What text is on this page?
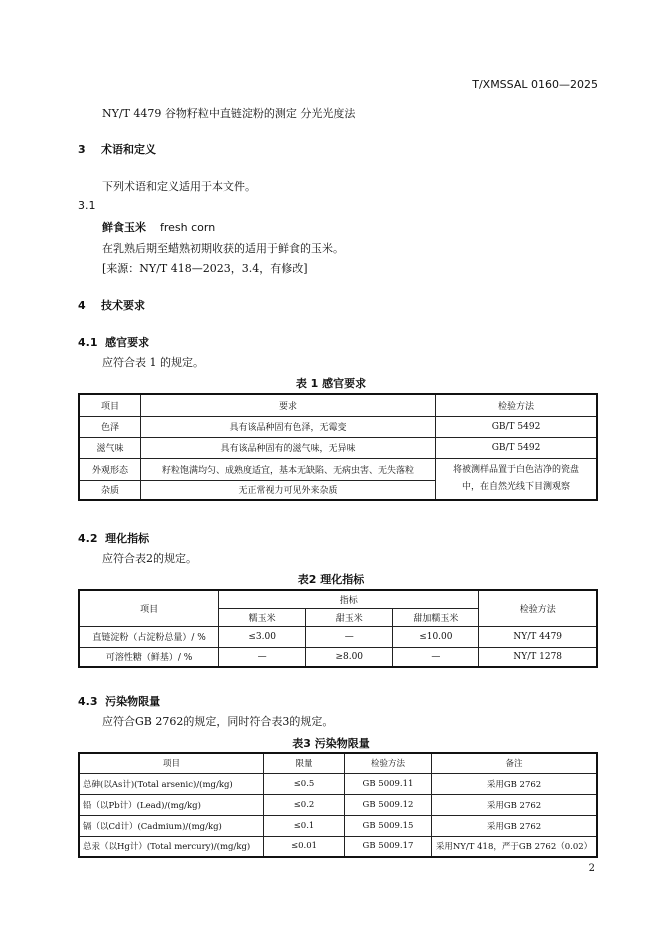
T/XMSSAL 0160—2025
NY/T 4479 谷物籽粒中直链淀粉的测定 分光光度法
3 术语和定义
下列术语和定义适用于本文件。
3.1
鲜食玉米 fresh corn
在乳熟后期至蜡熟初期收获的适用于鲜食的玉米。
[来源：NY/T 418—2023，3.4，有修改]
4 技术要求
4.1 感官要求
应符合表 1 的规定。
表 1 感官要求
项目	要求	检验方法
色泽	具有该品种固有色泽，无霉变	GB/T 5492
滋气味	具有该品种固有的滋气味，无异味	GB/T 5492
外观形态	籽粒饱满均匀、成熟度适宜，基本无缺陷、无病虫害、无失落粒	将被测样品置于白色洁净的瓷盘中，在自然光线下目测观察
杂质	无正常视力可见外来杂质	
4.2 理化指标
应符合表2的规定。
表2 理化指标
项目	指标			检验方法
	糯玉米	甜玉米	甜加糯玉米	
直链淀粉（占淀粉总量）/ %	≤3.00	—	≤10.00	NY/T 4479
可溶性糖（鲜基）/ %	—	≥8.00	—	NY/T 1278
4.3 污染物限量
应符合GB 2762的规定，同时符合表3的规定。
表3 污染物限量
项目	限量	检验方法	备注
总砷(以As计)(Total arsenic)/(mg/kg)	≤0.5	GB 5009.11	采用GB 2762
铅（以Pb计）(Lead)/(mg/kg)	≤0.2	GB 5009.12	采用GB 2762
镉（以Cd计）(Cadmium)/(mg/kg)	≤0.1	GB 5009.15	采用GB 2762
总汞（以Hg计）(Total mercury)/(mg/kg)	≤0.01	GB 5009.17	采用NY/T 418，严于GB 2762（0.02）
2
